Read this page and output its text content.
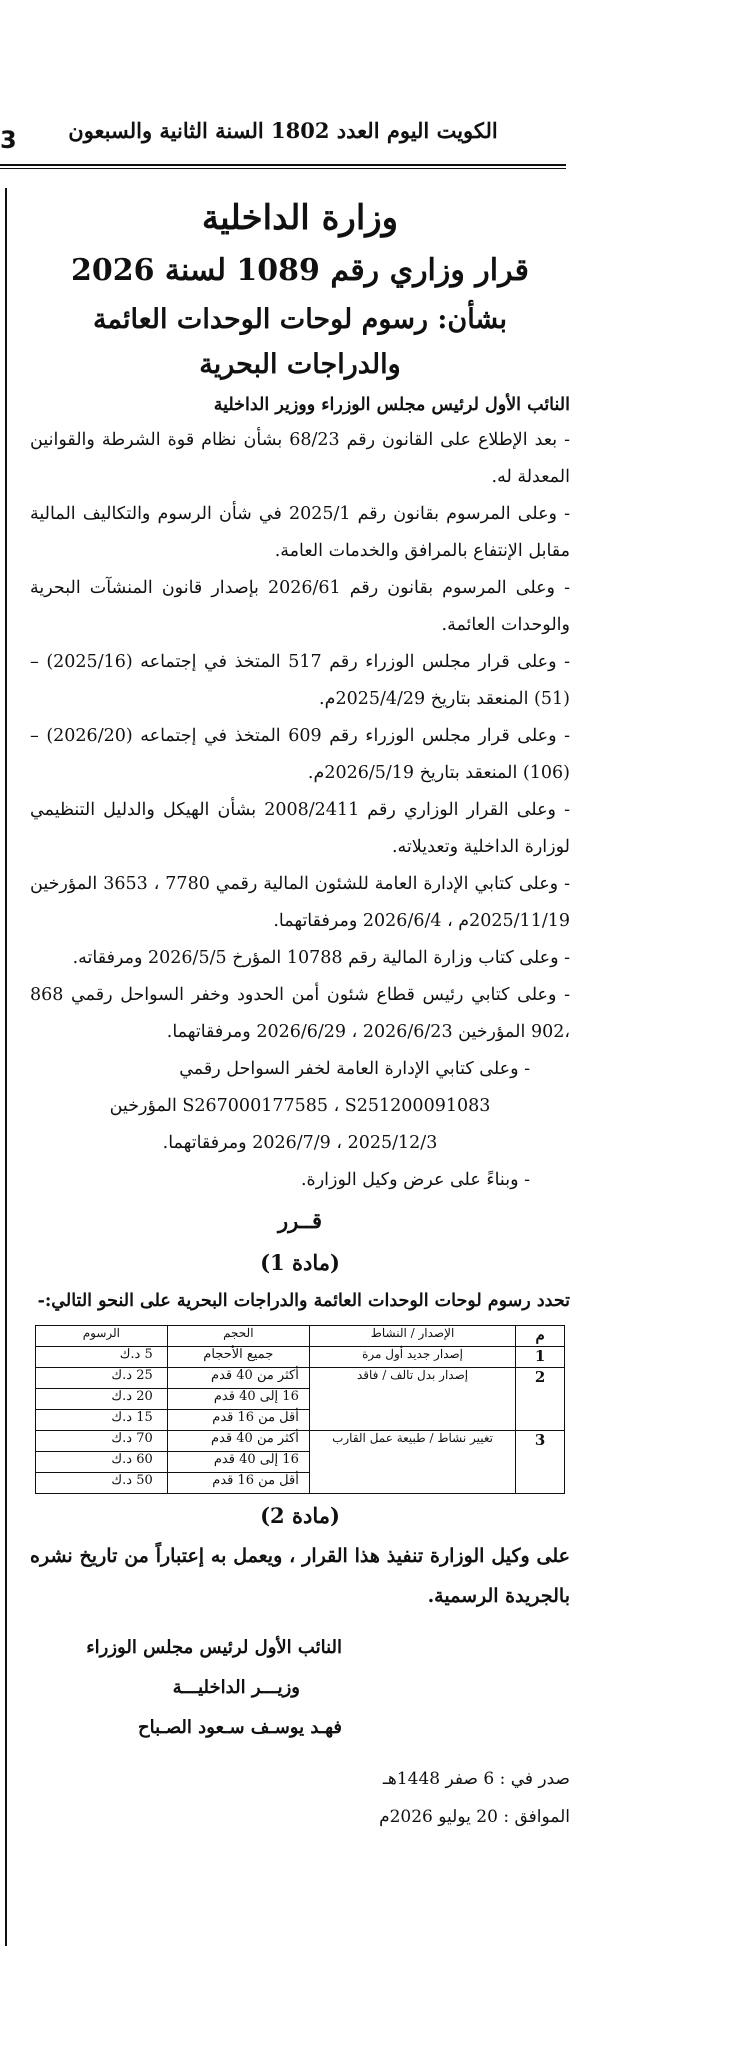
3	الكويت اليوم العدد 1802 السنة الثانية والسبعون
وزارة الداخلية
قرار وزاري رقم 1089 لسنة 2026
بشأن: رسوم لوحات الوحدات العائمة
والدراجات البحرية
النائب الأول لرئيس مجلس الوزراء ووزير الداخلية
- بعد الإطلاع على القانون رقم 68/23 بشأن نظام قوة الشرطة والقوانين المعدلة له.
- وعلى المرسوم بقانون رقم 2025/1 في شأن الرسوم والتكاليف المالية مقابل الإنتفاع بالمرافق والخدمات العامة.
- وعلى المرسوم بقانون رقم 2026/61 بإصدار قانون المنشآت البحرية والوحدات العائمة.
- وعلى قرار مجلس الوزراء رقم 517 المتخذ في إجتماعه (2025/16) – (51) المنعقد بتاريخ 2025/4/29م.
- وعلى قرار مجلس الوزراء رقم 609 المتخذ في إجتماعه (2026/20) – (106) المنعقد بتاريخ 2026/5/19م.
- وعلى القرار الوزاري رقم 2008/2411 بشأن الهيكل والدليل التنظيمي لوزارة الداخلية وتعديلاته.
- وعلى كتابي الإدارة العامة للشئون المالية رقمي 7780 ، 3653 المؤرخين 2025/11/19م ، 2026/6/4 ومرفقاتهما.
- وعلى كتاب وزارة المالية رقم 10788 المؤرخ 2026/5/5 ومرفقاته.
- وعلى كتابي رئيس قطاع شئون أمن الحدود وخفر السواحل رقمي 868 ،902 المؤرخين 2026/6/23 ، 2026/6/29 ومرفقاتهما.
- وعلى كتابي الإدارة العامة لخفر السواحل رقمي
S267000177585 ، S251200091083 المؤرخين
2025/12/3 ، 2026/7/9 ومرفقاتهما.
- وبناءً على عرض وكيل الوزارة.
قــرر
(مادة 1)
تحدد رسوم لوحات الوحدات العائمة والدراجات البحرية على النحو التالي:-
م	الإصدار / النشاط	الحجم	الرسوم
1	إصدار جديد أول مرة	جميع الأحجام	5 د.ك
2	إصدار بدل تالف / فاقد	أكثر من 40 قدم	25 د.ك
		16 إلى 40 قدم	20 د.ك
		أقل من 16 قدم	15 د.ك
3	تغيير نشاط / طبيعة عمل القارب	أكثر من 40 قدم	70 د.ك
		16 إلى 40 قدم	60 د.ك
		أقل من 16 قدم	50 د.ك
(مادة 2)
على وكيل الوزارة تنفيذ هذا القرار ، ويعمل به إعتباراً من تاريخ نشره بالجريدة الرسمية.
النائب الأول لرئيس مجلس الوزراء
وزيـــر الداخليـــة
فهـد يوسـف سـعود الصـباح
صدر في : 6 صفر 1448هـ
الموافق : 20 يوليو 2026م
